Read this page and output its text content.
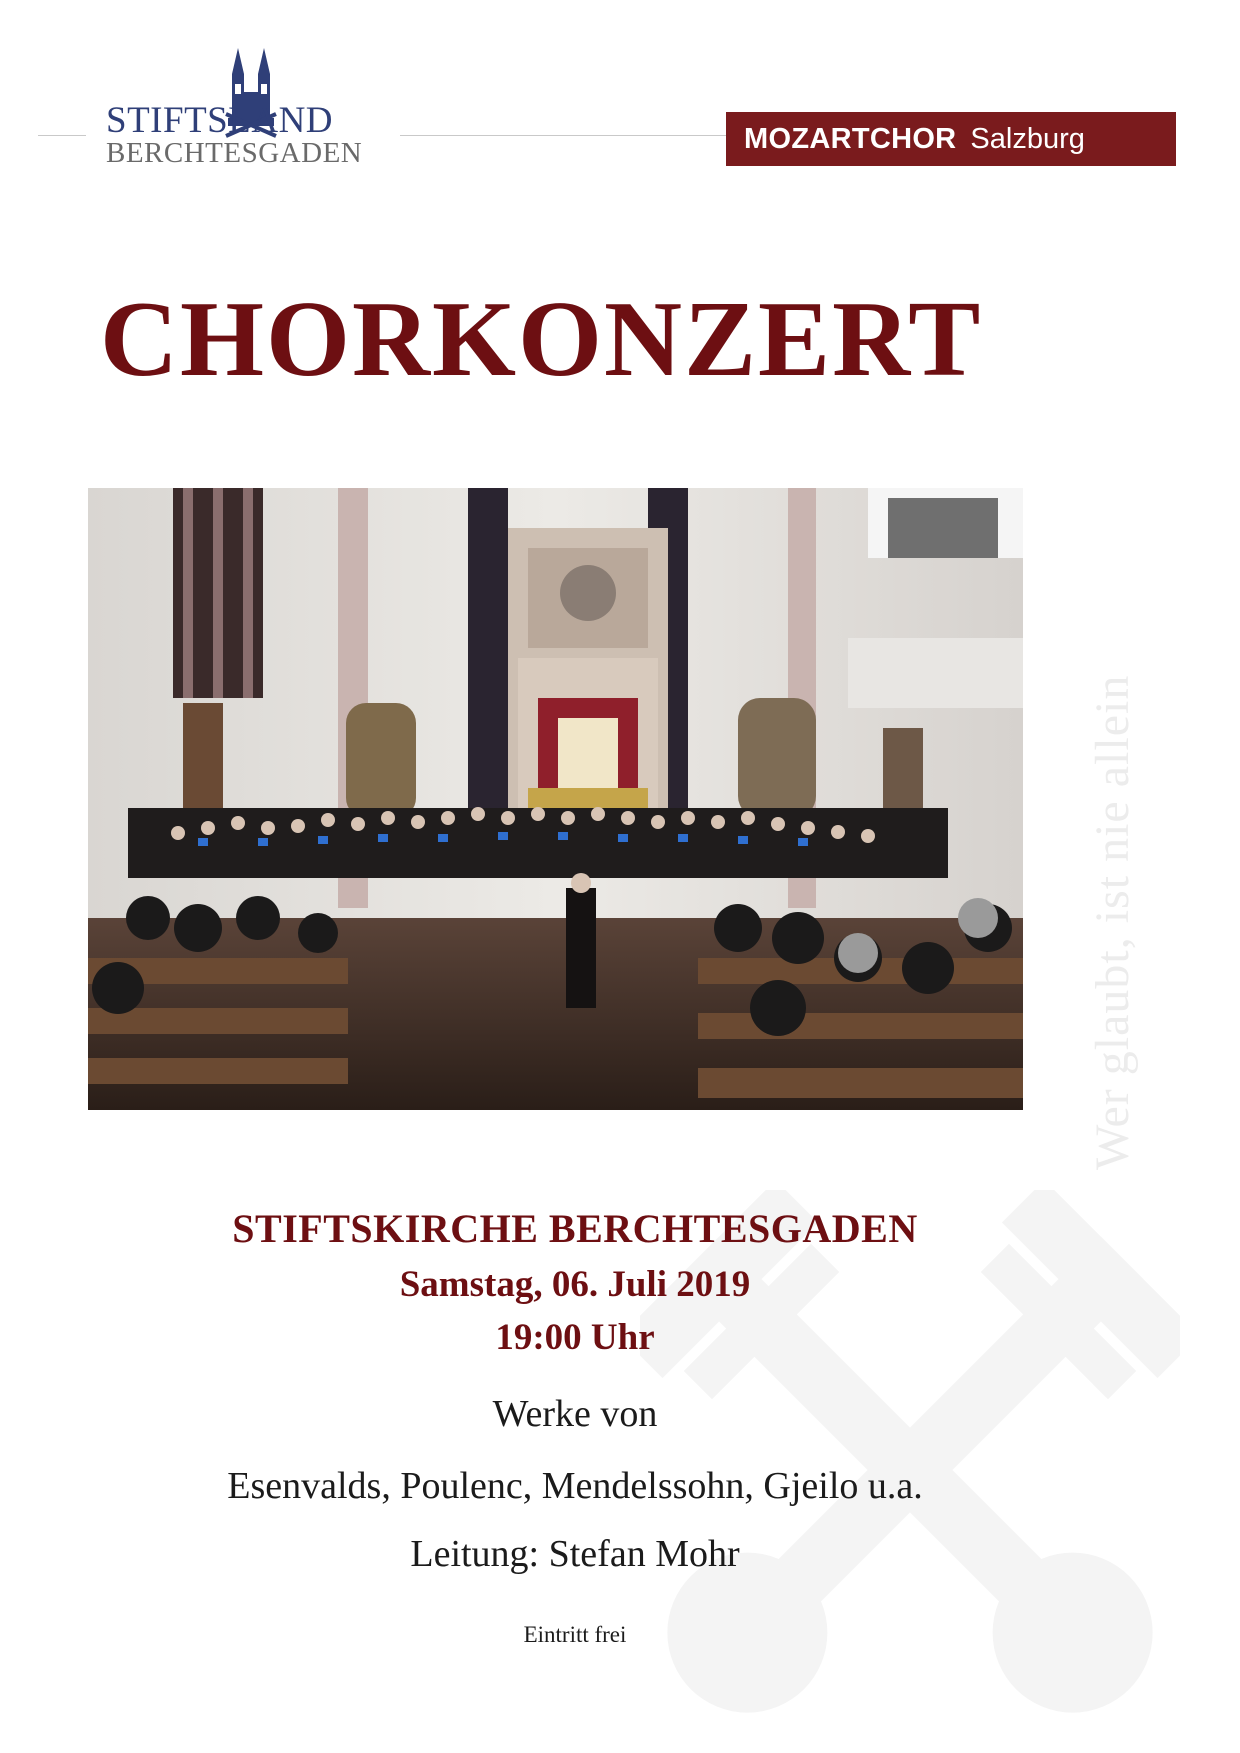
STIFTSLAND
BERCHTESGADEN	MOZARTCHOR Salzburg
CHORKONZERT
Wer glaubt, ist nie allein

STIFTSKIRCHE BERCHTESGADEN

Samstag, 06. Juli 2019

19:00 Uhr

Werke von

Esenvalds, Poulenc, Mendelssohn, Gjeilo u.a.

Leitung: Stefan Mohr

Eintritt frei
